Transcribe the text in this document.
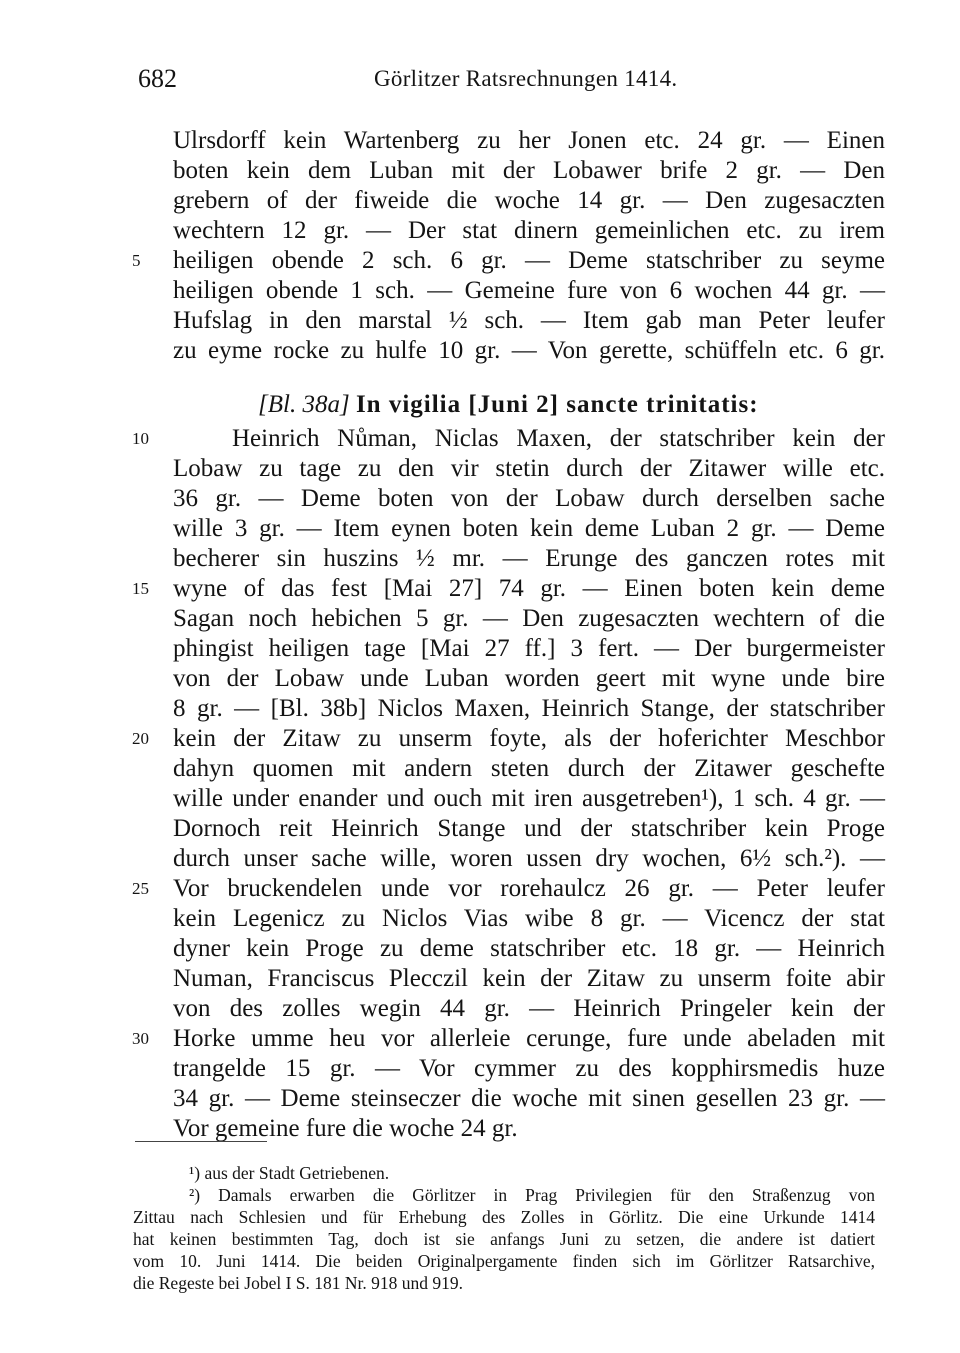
682	Görlitzer Ratsrechnungen 1414.
Ulrsdorff kein Wartenberg zu her Jonen etc. 24 gr. — Einen
boten kein dem Luban mit der Lobawer brife 2 gr. — Den
grebern of der fiweide die woche 14 gr. — Den zugesaczten
wechtern 12 gr. — Der stat dinern gemeinlichen etc. zu irem
heiligen obende 2 sch. 6 gr. — Deme statschriber zu seyme
heiligen obende 1 sch. — Gemeine fure von 6 wochen 44 gr. —
Hufslag in den marstal ½ sch. — Item gab man Peter leufer
zu eyme rocke zu hulfe 10 gr. — Von gerette, schüffeln etc. 6 gr.
[Bl. 38a] In vigilia [Juni 2] sancte trinitatis:
Heinrich Nůman, Niclas Maxen, der statschriber kein der
Lobaw zu tage zu den vir stetin durch der Zitawer wille etc.
36 gr. — Deme boten von der Lobaw durch derselben sache
wille 3 gr. — Item eynen boten kein deme Luban 2 gr. — Deme
becherer sin huszins ½ mr. — Erunge des ganczen rotes mit
wyne of das fest [Mai 27] 74 gr. — Einen boten kein deme
Sagan noch hebichen 5 gr. — Den zugesaczten wechtern of die
phingist heiligen tage [Mai 27 ff.] 3 fert. — Der burgermeister
von der Lobaw unde Luban worden geert mit wyne unde bire
8 gr. — [Bl. 38b] Niclos Maxen, Heinrich Stange, der statschriber
kein der Zitaw zu unserm foyte, als der hoferichter Meschbor
dahyn quomen mit andern steten durch der Zitawer geschefte
wille under enander und ouch mit iren ausgetreben¹), 1 sch. 4 gr. —
Dornoch reit Heinrich Stange und der statschriber kein Proge
durch unser sache wille, woren ussen dry wochen, 6½ sch.²). —
Vor bruckendelen unde vor rorehaulcz 26 gr. — Peter leufer
kein Legenicz zu Niclos Vias wibe 8 gr. — Vicencz der stat
dyner kein Proge zu deme statschriber etc. 18 gr. — Heinrich
Numan, Franciscus Plecczil kein der Zitaw zu unserm foite abir
von des zolles wegin 44 gr. — Heinrich Pringeler kein der
Horke umme heu vor allerleie cerunge, fure unde abeladen mit
trangelde 15 gr. — Vor cymmer zu des kopphirsmedis huze
34 gr. — Deme steinseczer die woche mit sinen gesellen 23 gr. —
Vor gemeine fure die woche 24 gr.
5
10
15
20
25
30
¹) aus der Stadt Getriebenen.
²) Damals erwarben die Görlitzer in Prag Privilegien für den Straßenzug von
Zittau nach Schlesien und für Erhebung des Zolles in Görlitz. Die eine Urkunde 1414
hat keinen bestimmten Tag, doch ist sie anfangs Juni zu setzen, die andere ist datiert
vom 10. Juni 1414. Die beiden Originalpergamente finden sich im Görlitzer Ratsarchive,
die Regeste bei Jobel I S. 181 Nr. 918 und 919.
